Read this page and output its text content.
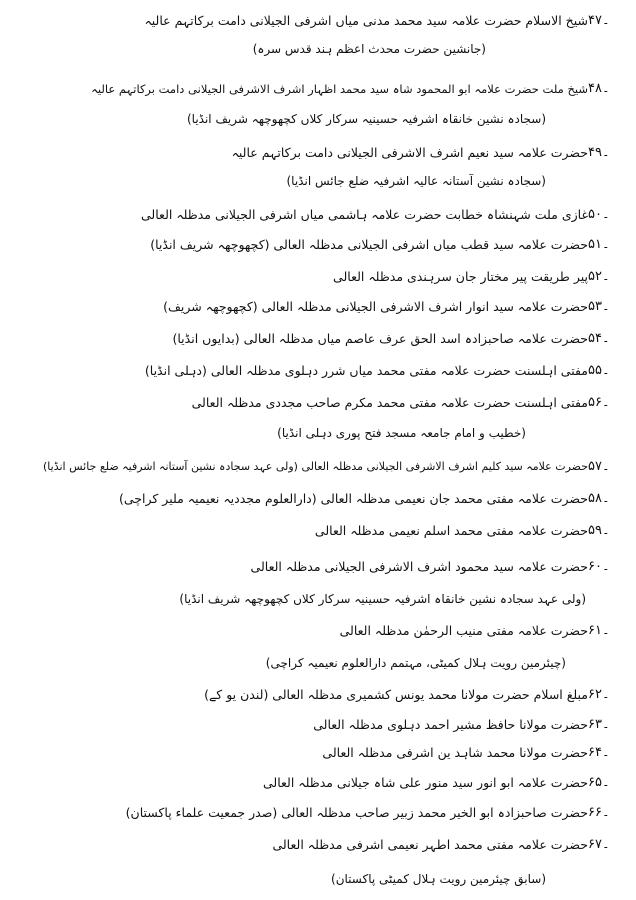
۴۷۔
شیخ الاسلام حضرت علامہ سید محمد مدنی میاں اشرفی الجیلانی دامت برکاتہم عالیہ
(جانشین حضرت محدث اعظم ہند قدس سرہ)
۴۸۔
شیخ ملت حضرت علامہ ابو المحمود شاہ سید محمد اظہار اشرف الاشرفی الجیلانی دامت برکاتہم عالیہ
(سجادہ نشین خانقاہ اشرفیہ حسینیہ سرکار کلاں کچھوچھہ شریف انڈیا)
۴۹۔
حضرت علامہ سید نعیم اشرف الاشرفی الجیلانی دامت برکاتہم عالیہ
(سجادہ نشین آستانہ عالیہ اشرفیہ ضلع جائس انڈیا)
۵۰۔
غازی ملت شہنشاہ خطابت حضرت علامہ ہاشمی میاں اشرفی الجیلانی مدظلہ العالی
۵۱۔
حضرت علامہ سید قطب میاں اشرفی الجیلانی مدظلہ العالی (کچھوچھہ شریف انڈیا)
۵۲۔
پیر طریقت پیر مختار جان سرہندی مدظلہ العالی
۵۳۔
حضرت علامہ سید انوار اشرف الاشرفی الجیلانی مدظلہ العالی (کچھوچھہ شریف)
۵۴۔
حضرت علامہ صاحبزادہ اسد الحق عرف عاصم میاں مدظلہ العالی (بدایوں انڈیا)
۵۵۔
مفتی اہلسنت حضرت علامہ مفتی محمد میاں شرر دہلوی مدظلہ العالی (دہلی انڈیا)
۵۶۔
مفتی اہلسنت حضرت علامہ مفتی محمد مکرم صاحب مجددی مدظلہ العالی
(خطیب و امام جامعہ مسجد فتح پوری دہلی انڈیا)
۵۷۔
حضرت علامہ سید کلیم اشرف الاشرفی الجیلانی مدظلہ العالی (ولی عہد سجادہ نشین آستانہ اشرفیہ ضلع جائس انڈیا)
۵۸۔
حضرت علامہ مفتی محمد جان نعیمی مدظلہ العالی (دارالعلوم مجددیہ نعیمیہ ملیر کراچی)
۵۹۔
حضرت علامہ مفتی محمد اسلم نعیمی مدظلہ العالی
۶۰۔
حضرت علامہ سید محمود اشرف الاشرفی الجیلانی مدظلہ العالی
(ولی عہد سجادہ نشین خانقاہ اشرفیہ حسینیہ سرکار کلاں کچھوچھہ شریف انڈیا)
۶۱۔
حضرت علامہ مفتی منیب الرحمٰن مدظلہ العالی
(چیئرمین رویت ہلال کمیٹی، مہتمم دارالعلوم نعیمیہ کراچی)
۶۲۔
مبلغ اسلام حضرت مولانا محمد یونس کشمیری مدظلہ العالی (لندن یو کے)
۶۳۔
حضرت مولانا حافظ مشیر احمد دہلوی مدظلہ العالی
۶۴۔
حضرت مولانا محمد شاہد ین اشرفی مدظلہ العالی
۶۵۔
حضرت علامہ ابو انور سید منور علی شاہ جیلانی مدظلہ العالی
۶۶۔
حضرت صاحبزادہ ابو الخیر محمد زبیر صاحب مدظلہ العالی (صدر جمعیت علماء پاکستان)
۶۷۔
حضرت علامہ مفتی محمد اطہر نعیمی اشرفی مدظلہ العالی
(سابق چیئرمین رویت ہلال کمیٹی پاکستان)
